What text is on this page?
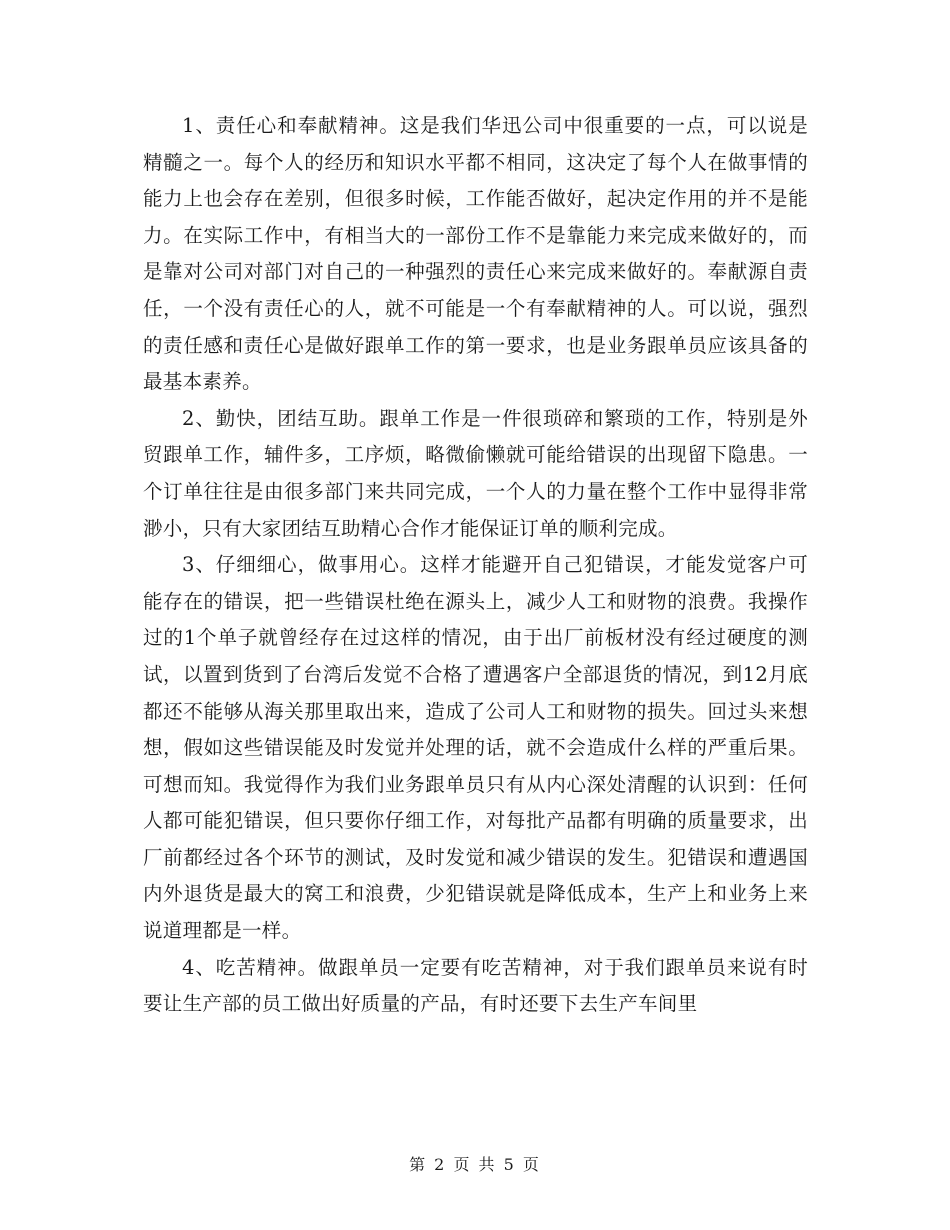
1、责任心和奉献精神。这是我们华迅公司中很重要的一点，可以说是精髓之一。每个人的经历和知识水平都不相同，这决定了每个人在做事情的能力上也会存在差别，但很多时候，工作能否做好，起决定作用的并不是能力。在实际工作中，有相当大的一部份工作不是靠能力来完成来做好的，而是靠对公司对部门对自己的一种强烈的责任心来完成来做好的。奉献源自责任，一个没有责任心的人，就不可能是一个有奉献精神的人。可以说，强烈的责任感和责任心是做好跟单工作的第一要求，也是业务跟单员应该具备的最基本素养。

2、勤快，团结互助。跟单工作是一件很琐碎和繁琐的工作，特别是外贸跟单工作，辅件多，工序烦，略微偷懒就可能给错误的出现留下隐患。一个订单往往是由很多部门来共同完成，一个人的力量在整个工作中显得非常渺小，只有大家团结互助精心合作才能保证订单的顺利完成。

3、仔细细心，做事用心。这样才能避开自己犯错误，才能发觉客户可能存在的错误，把一些错误杜绝在源头上，减少人工和财物的浪费。我操作过的1个单子就曾经存在过这样的情况，由于出厂前板材没有经过硬度的测试，以置到货到了台湾后发觉不合格了遭遇客户全部退货的情况，到12月底都还不能够从海关那里取出来，造成了公司人工和财物的损失。回过头来想想，假如这些错误能及时发觉并处理的话，就不会造成什么样的严重后果。可想而知。我觉得作为我们业务跟单员只有从内心深处清醒的认识到：任何人都可能犯错误，但只要你仔细工作，对每批产品都有明确的质量要求，出厂前都经过各个环节的测试，及时发觉和减少错误的发生。犯错误和遭遇国内外退货是最大的窝工和浪费，少犯错误就是降低成本，生产上和业务上来说道理都是一样。

4、吃苦精神。做跟单员一定要有吃苦精神，对于我们跟单员来说有时要让生产部的员工做出好质量的产品，有时还要下去生产车间里

第 2 页 共 5 页
